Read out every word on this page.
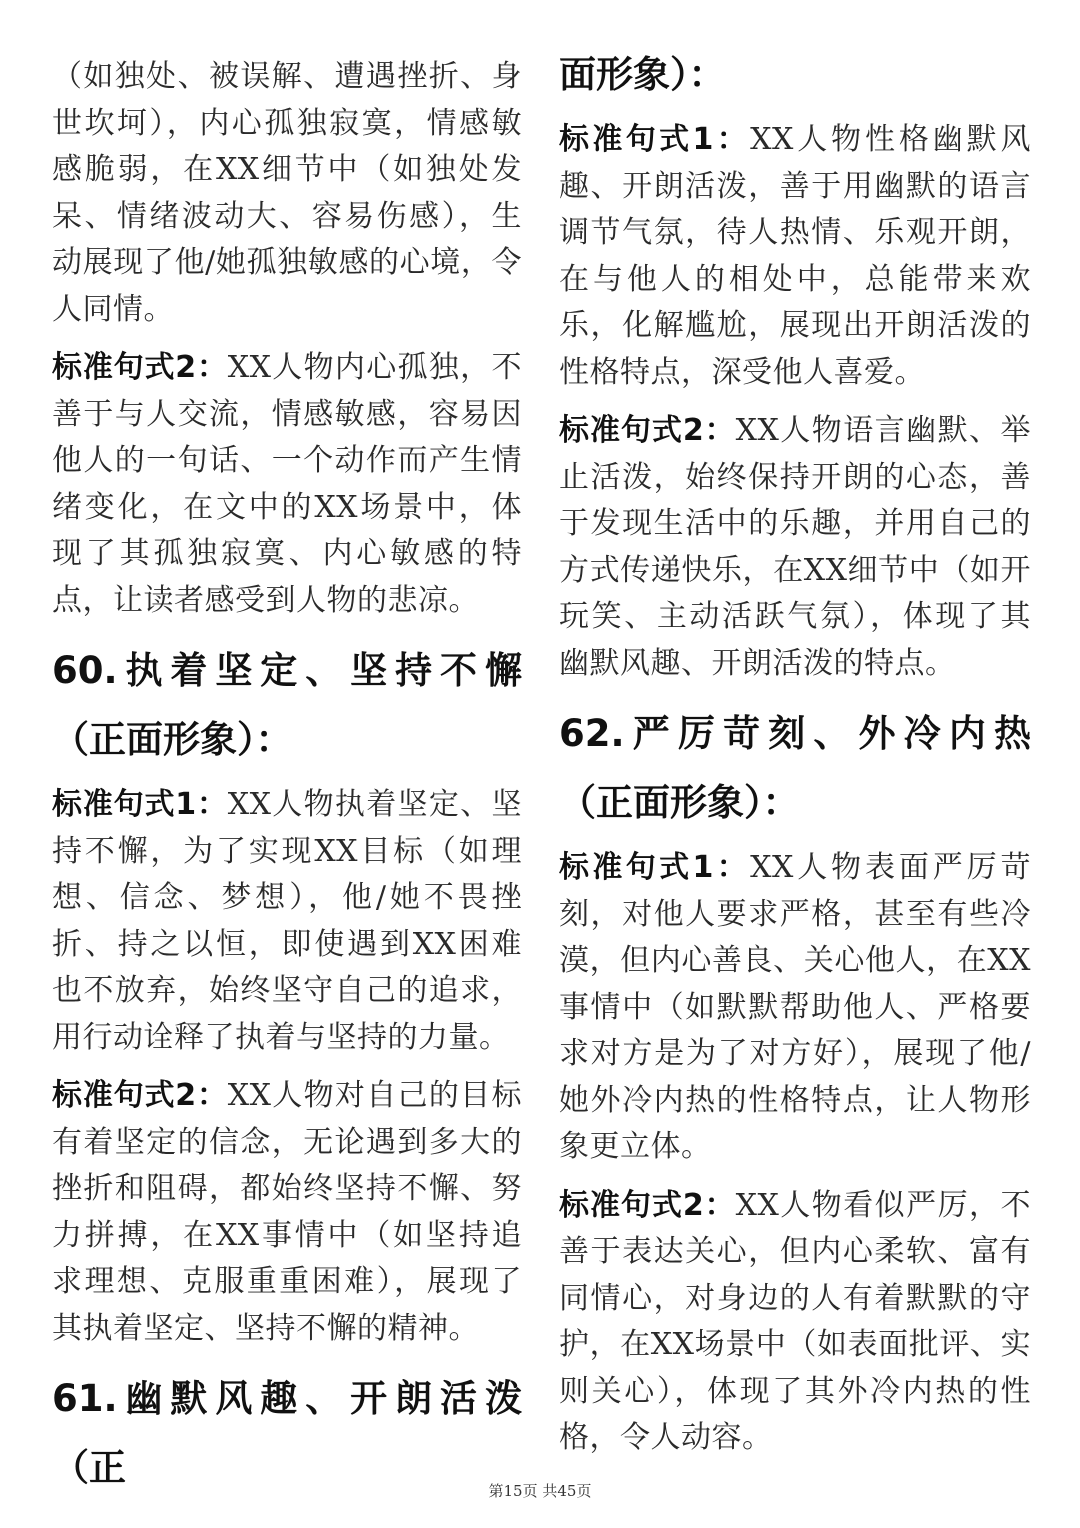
（如独处、被误解、遭遇挫折、身世坎坷），内心孤独寂寞，情感敏感脆弱，在XX细节中（如独处发呆、情绪波动大、容易伤感），生动展现了他/她孤独敏感的心境，令人同情。

标准句式2：XX人物内心孤独，不善于与人交流，情感敏感，容易因他人的一句话、一个动作而产生情绪变化，在文中的XX场景中，体现了其孤独寂寞、内心敏感的特点，让读者感受到人物的悲凉。

60.执着坚定、坚持不懈（正面形象）：

标准句式1：XX人物执着坚定、坚持不懈，为了实现XX目标（如理想、信念、梦想），他/她不畏挫折、持之以恒，即使遇到XX困难也不放弃，始终坚守自己的追求，用行动诠释了执着与坚持的力量。

标准句式2：XX人物对自己的目标有着坚定的信念，无论遇到多大的挫折和阻碍，都始终坚持不懈、努力拼搏，在XX事情中（如坚持追求理想、克服重重困难），展现了其执着坚定、坚持不懈的精神。

61.幽默风趣、开朗活泼（正
面形象）：

标准句式1：XX人物性格幽默风趣、开朗活泼，善于用幽默的语言调节气氛，待人热情、乐观开朗，在与他人的相处中，总能带来欢乐，化解尴尬，展现出开朗活泼的性格特点，深受他人喜爱。

标准句式2：XX人物语言幽默、举止活泼，始终保持开朗的心态，善于发现生活中的乐趣，并用自己的方式传递快乐，在XX细节中（如开玩笑、主动活跃气氛），体现了其幽默风趣、开朗活泼的特点。

62.严厉苛刻、外冷内热（正面形象）：

标准句式1：XX人物表面严厉苛刻，对他人要求严格，甚至有些冷漠，但内心善良、关心他人，在XX事情中（如默默帮助他人、严格要求对方是为了对方好），展现了他/她外冷内热的性格特点，让人物形象更立体。

标准句式2：XX人物看似严厉，不善于表达关心，但内心柔软、富有同情心，对身边的人有着默默的守护，在XX场景中（如表面批评、实则关心），体现了其外冷内热的性格，令人动容。

第15页 共45页
